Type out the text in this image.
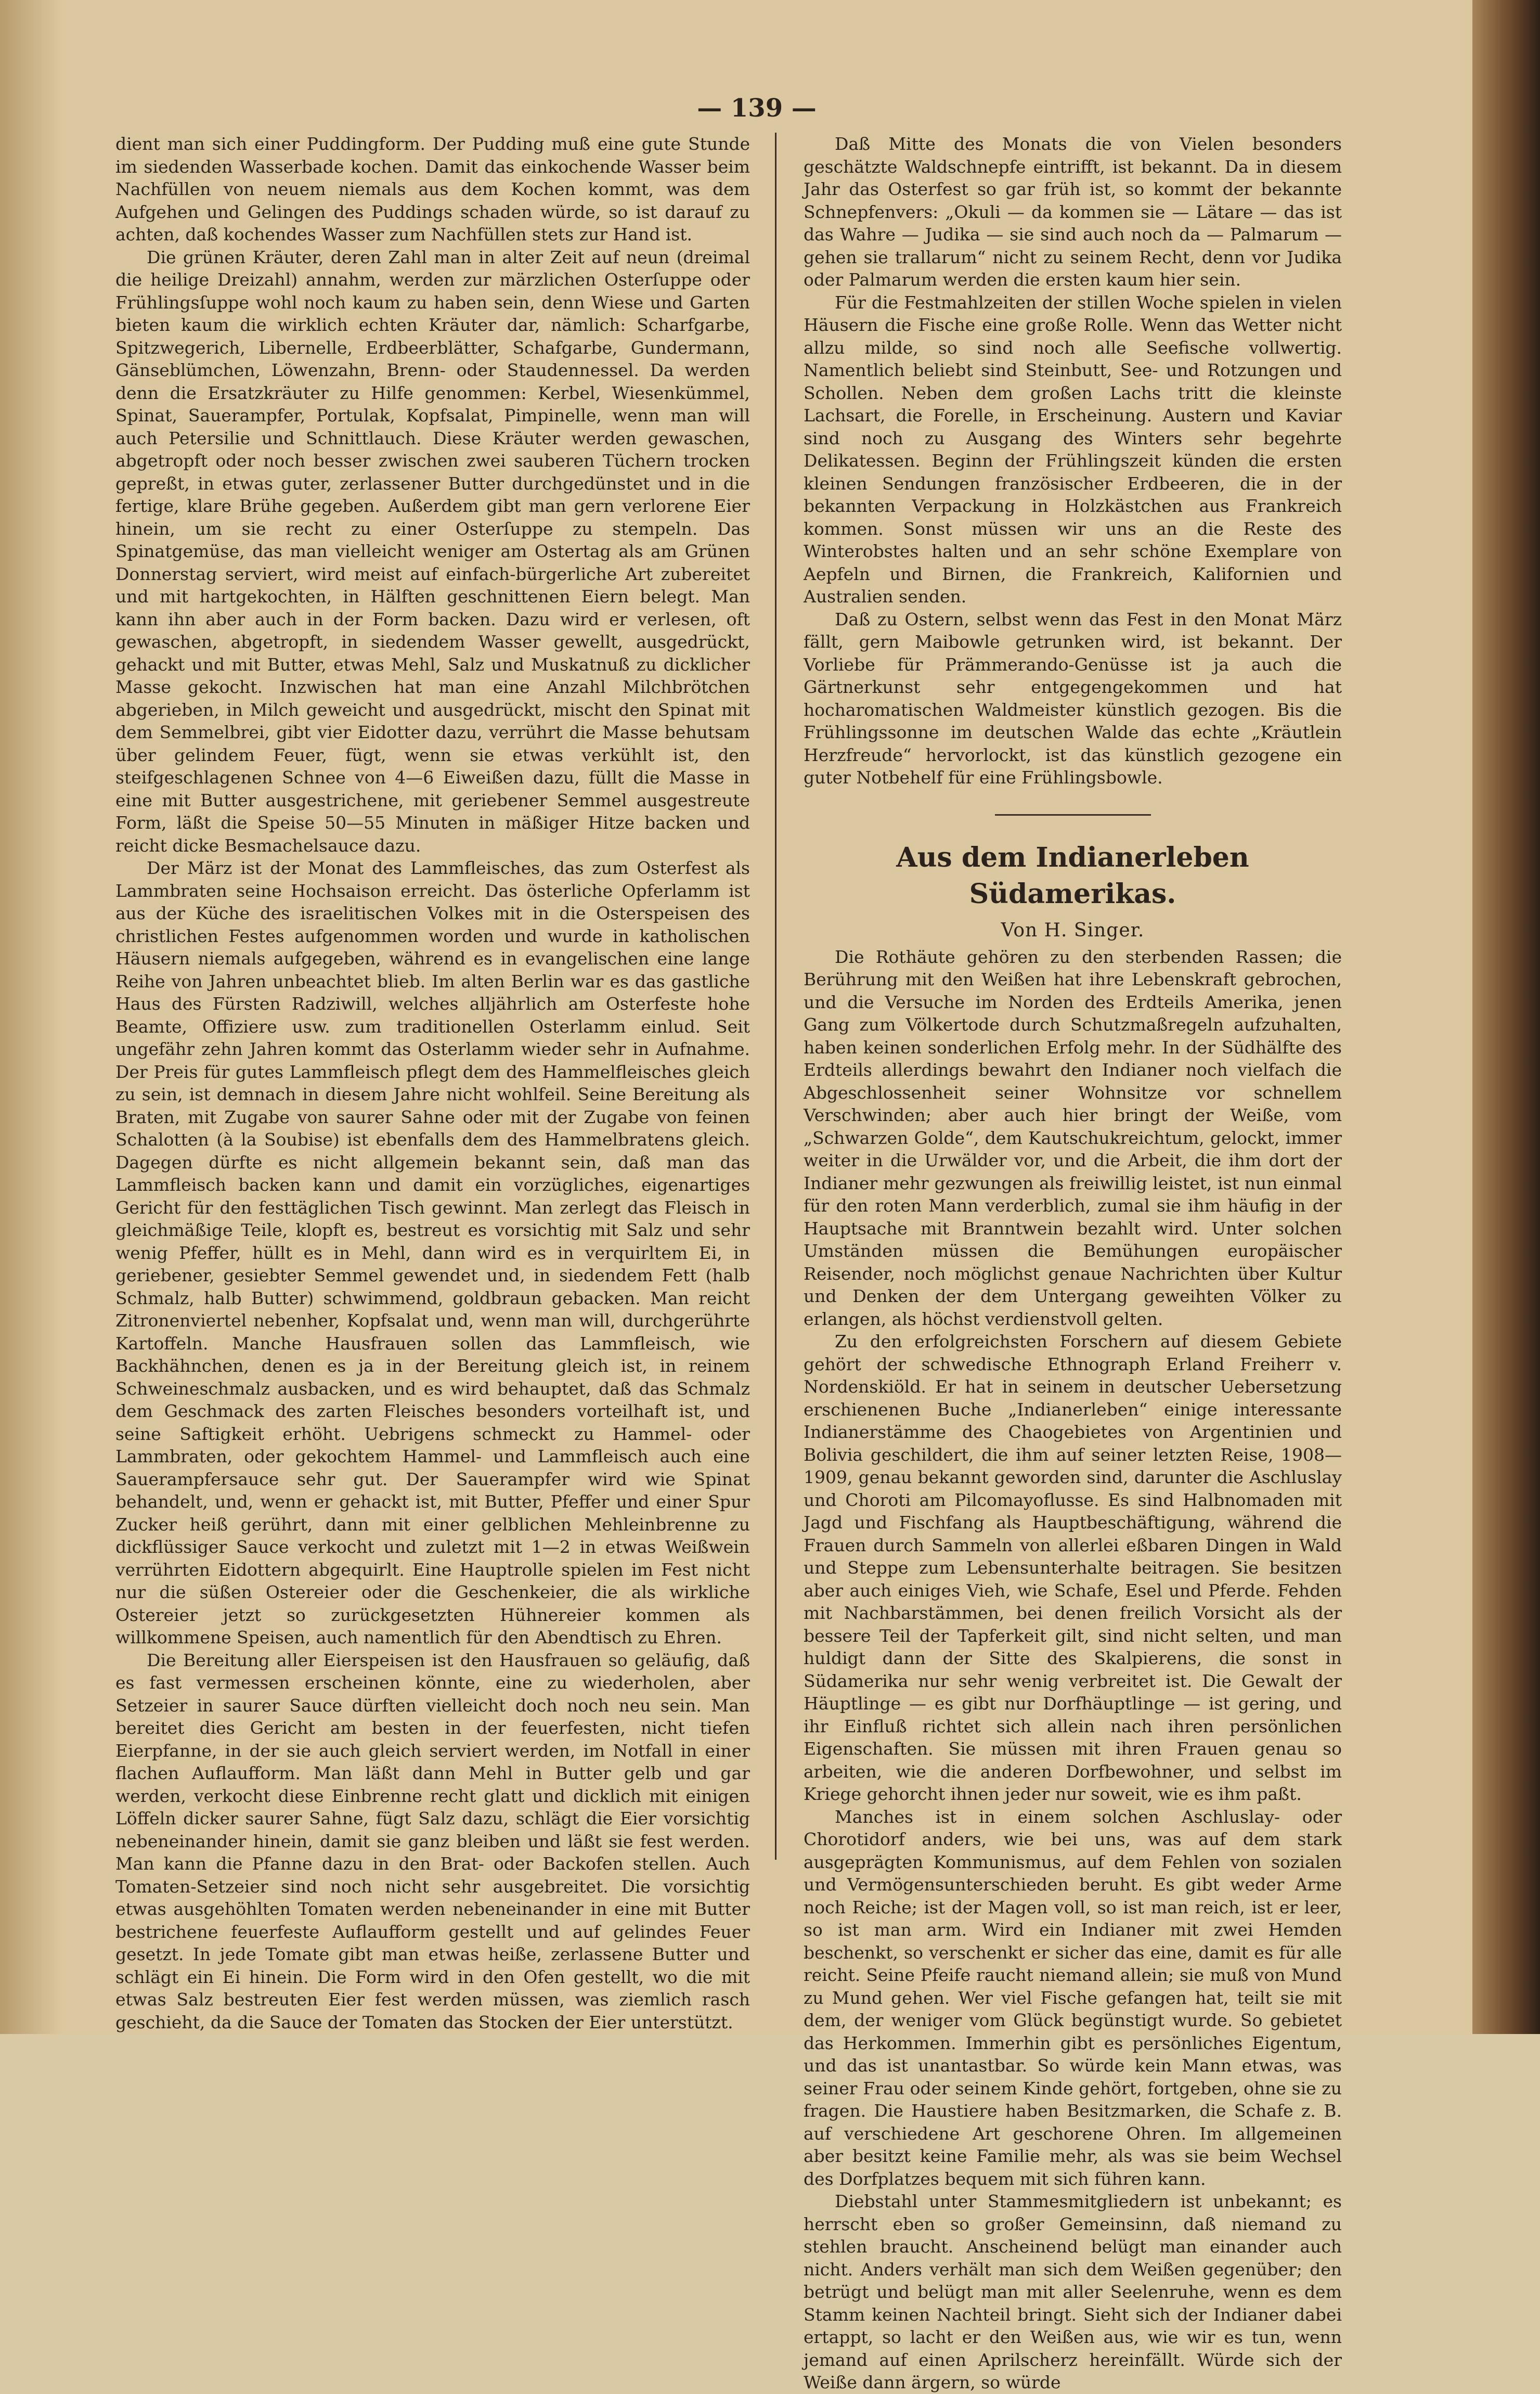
— 139 —

dient man sich einer Puddingform. Der Pudding muß eine gute Stunde im siedenden Wasserbade kochen. Damit das einkochende Wasser beim Nachfüllen von neuem niemals aus dem Kochen kommt, was dem Aufgehen und Gelingen des Puddings schaden würde, so ist darauf zu achten, daß kochendes Wasser zum Nachfüllen stets zur Hand ist.

Die grünen Kräuter, deren Zahl man in alter Zeit auf neun (dreimal die heilige Dreizahl) annahm, werden zur märzlichen Osterſuppe oder Frühlingsſuppe wohl noch kaum zu haben sein, denn Wiese und Garten bieten kaum die wirklich echten Kräuter dar, nämlich: Scharfgarbe, Spitzwegerich, Libernelle, Erdbeerblätter, Schafgarbe, Gundermann, Gänseblümchen, Löwenzahn, Brenn- oder Staudennessel. Da werden denn die Ersatzkräuter zu Hilfe genommen: Kerbel, Wiesenkümmel, Spinat, Sauerampfer, Portulak, Kopfsalat, Pimpinelle, wenn man will auch Petersilie und Schnittlauch. Diese Kräuter werden gewaschen, abgetropft oder noch besser zwischen zwei sauberen Tüchern trocken gepreßt, in etwas guter, zerlassener Butter durchgedünstet und in die fertige, klare Brühe gegeben. Außerdem gibt man gern verlorene Eier hinein, um sie recht zu einer Osterſuppe zu stempeln. Das Spinatgemüse, das man vielleicht weniger am Ostertag als am Grünen Donnerstag serviert, wird meist auf einfach-bürgerliche Art zubereitet und mit hartgekochten, in Hälften geschnittenen Eiern belegt. Man kann ihn aber auch in der Form backen. Dazu wird er verlesen, oft gewaschen, abgetropft, in siedendem Wasser gewellt, ausgedrückt, gehackt und mit Butter, etwas Mehl, Salz und Muskatnuß zu dicklicher Masse gekocht. Inzwischen hat man eine Anzahl Milchbrötchen abgerieben, in Milch geweicht und ausgedrückt, mischt den Spinat mit dem Semmelbrei, gibt vier Eidotter dazu, verrührt die Masse behutsam über gelindem Feuer, fügt, wenn sie etwas verkühlt ist, den steifgeschlagenen Schnee von 4—6 Eiweißen dazu, füllt die Masse in eine mit Butter ausgestrichene, mit geriebener Semmel ausgestreute Form, läßt die Speise 50—55 Minuten in mäßiger Hitze backen und reicht dicke Besmachelsauce dazu.

Der März ist der Monat des Lammfleisches, das zum Osterfest als Lammbraten seine Hochsaison erreicht. Das österliche Opferlamm ist aus der Küche des israelitischen Volkes mit in die Osterspeisen des christlichen Festes aufgenommen worden und wurde in katholischen Häusern niemals aufgegeben, während es in evangelischen eine lange Reihe von Jahren unbeachtet blieb. Im alten Berlin war es das gastliche Haus des Fürsten Radziwill, welches alljährlich am Osterfeste hohe Beamte, Offiziere usw. zum traditionellen Osterlamm einlud. Seit ungefähr zehn Jahren kommt das Osterlamm wieder sehr in Aufnahme. Der Preis für gutes Lammfleisch pflegt dem des Hammelfleisches gleich zu sein, ist demnach in diesem Jahre nicht wohlfeil. Seine Bereitung als Braten, mit Zugabe von saurer Sahne oder mit der Zugabe von feinen Schalotten (à la Soubise) ist ebenfalls dem des Hammelbratens gleich. Dagegen dürfte es nicht allgemein bekannt sein, daß man das Lammfleisch backen kann und damit ein vorzügliches, eigenartiges Gericht für den festtäglichen Tisch gewinnt. Man zerlegt das Fleisch in gleichmäßige Teile, klopft es, bestreut es vorsichtig mit Salz und sehr wenig Pfeffer, hüllt es in Mehl, dann wird es in verquirltem Ei, in geriebener, gesiebter Semmel gewendet und, in siedendem Fett (halb Schmalz, halb Butter) schwimmend, goldbraun gebacken. Man reicht Zitronenviertel nebenher, Kopfsalat und, wenn man will, durchgerührte Kartoffeln. Manche Hausfrauen sollen das Lammfleisch, wie Backhähnchen, denen es ja in der Bereitung gleich ist, in reinem Schweineschmalz ausbacken, und es wird behauptet, daß das Schmalz dem Geschmack des zarten Fleisches besonders vorteilhaft ist, und seine Saftigkeit erhöht. Uebrigens schmeckt zu Hammel- oder Lammbraten, oder gekochtem Hammel- und Lammfleisch auch eine Sauerampfersauce sehr gut. Der Sauerampfer wird wie Spinat behandelt, und, wenn er gehackt ist, mit Butter, Pfeffer und einer Spur Zucker heiß gerührt, dann mit einer gelblichen Mehleinbrenne zu dickflüssiger Sauce verkocht und zuletzt mit 1—2 in etwas Weißwein verrührten Eidottern abgequirlt. Eine Hauptrolle spielen im Fest nicht nur die süßen Ostereier oder die Geschenkeier, die als wirkliche Ostereier jetzt so zurückgesetzten Hühnereier kommen als willkommene Speisen, auch namentlich für den Abendtisch zu Ehren.

Die Bereitung aller Eierspeisen ist den Hausfrauen so geläufig, daß es fast vermessen erscheinen könnte, eine zu wiederholen, aber Setzeier in saurer Sauce dürften vielleicht doch noch neu sein. Man bereitet dies Gericht am besten in der feuerfesten, nicht tiefen Eierpfanne, in der sie auch gleich serviert werden, im Notfall in einer flachen Auflaufform. Man läßt dann Mehl in Butter gelb und gar werden, verkocht diese Einbrenne recht glatt und dicklich mit einigen Löffeln dicker saurer Sahne, fügt Salz dazu, schlägt die Eier vorsichtig nebeneinander hinein, damit sie ganz bleiben und läßt sie fest werden. Man kann die Pfanne dazu in den Brat- oder Backofen stellen. Auch Tomaten-Setzeier sind noch nicht sehr ausgebreitet. Die vorsichtig etwas ausgehöhlten Tomaten werden nebeneinander in eine mit Butter bestrichene feuerfeste Auflaufform gestellt und auf gelindes Feuer gesetzt. In jede Tomate gibt man etwas heiße, zerlassene Butter und schlägt ein Ei hinein. Die Form wird in den Ofen gestellt, wo die mit etwas Salz bestreuten Eier fest werden müssen, was ziemlich rasch geschieht, da die Sauce der Tomaten das Stocken der Eier unterstützt.

Daß Mitte des Monats die von Vielen besonders geschätzte Waldschnepfe eintrifft, ist bekannt. Da in diesem Jahr das Osterfest so gar früh ist, so kommt der bekannte Schnepfenvers: „Okuli — da kommen sie — Lätare — das ist das Wahre — Judika — sie sind auch noch da — Palmarum — gehen sie trallarum“ nicht zu seinem Recht, denn vor Judika oder Palmarum werden die ersten kaum hier sein.

Für die Festmahlzeiten der stillen Woche spielen in vielen Häusern die Fische eine große Rolle. Wenn das Wetter nicht allzu milde, so sind noch alle Seefische vollwertig. Namentlich beliebt sind Steinbutt, See- und Rotzungen und Schollen. Neben dem großen Lachs tritt die kleinste Lachsart, die Forelle, in Erscheinung. Austern und Kaviar sind noch zu Ausgang des Winters sehr begehrte Delikatessen. Beginn der Frühlingszeit künden die ersten kleinen Sendungen französischer Erdbeeren, die in der bekannten Verpackung in Holzkästchen aus Frankreich kommen. Sonst müssen wir uns an die Reste des Winterobstes halten und an sehr schöne Exemplare von Aepfeln und Birnen, die Frankreich, Kalifornien und Australien senden.

Daß zu Ostern, selbst wenn das Fest in den Monat März fällt, gern Maibowle getrunken wird, ist bekannt. Der Vorliebe für Prämmerando-Genüsse ist ja auch die Gärtnerkunst sehr entgegengekommen und hat hocharomatischen Waldmeister künstlich gezogen. Bis die Frühlingssonne im deutschen Walde das echte „Kräutlein Herzfreude“ hervorlockt, ist das künstlich gezogene ein guter Notbehelf für eine Frühlingsbowle.

Aus dem Indianerleben Südamerikas.
Von H. Singer.

Die Rothäute gehören zu den sterbenden Rassen; die Berührung mit den Weißen hat ihre Lebenskraft gebrochen, und die Versuche im Norden des Erdteils Amerika, jenen Gang zum Völkertode durch Schutzmaßregeln aufzuhalten, haben keinen sonderlichen Erfolg mehr. In der Südhälfte des Erdteils allerdings bewahrt den Indianer noch vielfach die Abgeschlossenheit seiner Wohnsitze vor schnellem Verschwinden; aber auch hier bringt der Weiße, vom „Schwarzen Golde“, dem Kautschukreichtum, gelockt, immer weiter in die Urwälder vor, und die Arbeit, die ihm dort der Indianer mehr gezwungen als freiwillig leistet, ist nun einmal für den roten Mann verderblich, zumal sie ihm häufig in der Hauptsache mit Branntwein bezahlt wird. Unter solchen Umständen müssen die Bemühungen europäischer Reisender, noch möglichst genaue Nachrichten über Kultur und Denken der dem Untergang geweihten Völker zu erlangen, als höchst verdienstvoll gelten.

Zu den erfolgreichsten Forschern auf diesem Gebiete gehört der schwedische Ethnograph Erland Freiherr v. Nordenskiöld. Er hat in seinem in deutscher Uebersetzung erschienenen Buche „Indianerleben“ einige interessante Indianerstämme des Chaogebietes von Argentinien und Bolivia geschildert, die ihm auf seiner letzten Reise, 1908—1909, genau bekannt geworden sind, darunter die Aschluslay und Choroti am Pilcomayoflusse. Es sind Halbnomaden mit Jagd und Fischfang als Hauptbeschäftigung, während die Frauen durch Sammeln von allerlei eßbaren Dingen in Wald und Steppe zum Lebensunterhalte beitragen. Sie besitzen aber auch einiges Vieh, wie Schafe, Esel und Pferde. Fehden mit Nachbarstämmen, bei denen freilich Vorsicht als der bessere Teil der Tapferkeit gilt, sind nicht selten, und man huldigt dann der Sitte des Skalpierens, die sonst in Südamerika nur sehr wenig verbreitet ist. Die Gewalt der Häuptlinge — es gibt nur Dorfhäuptlinge — ist gering, und ihr Einfluß richtet sich allein nach ihren persönlichen Eigenschaften. Sie müssen mit ihren Frauen genau so arbeiten, wie die anderen Dorfbewohner, und selbst im Kriege gehorcht ihnen jeder nur soweit, wie es ihm paßt.

Manches ist in einem solchen Aschluslay- oder Chorotidorf anders, wie bei uns, was auf dem stark ausgeprägten Kommunismus, auf dem Fehlen von sozialen und Vermögensunterschieden beruht. Es gibt weder Arme noch Reiche; ist der Magen voll, so ist man reich, ist er leer, so ist man arm. Wird ein Indianer mit zwei Hemden beschenkt, so verschenkt er sicher das eine, damit es für alle reicht. Seine Pfeife raucht niemand allein; sie muß von Mund zu Mund gehen. Wer viel Fische gefangen hat, teilt sie mit dem, der weniger vom Glück begünstigt wurde. So gebietet das Herkommen. Immerhin gibt es persönliches Eigentum, und das ist unantastbar. So würde kein Mann etwas, was seiner Frau oder seinem Kinde gehört, fortgeben, ohne sie zu fragen. Die Haustiere haben Besitzmarken, die Schafe z. B. auf verschiedene Art geschorene Ohren. Im allgemeinen aber besitzt keine Familie mehr, als was sie beim Wechsel des Dorfplatzes bequem mit sich führen kann.

Diebstahl unter Stammesmitgliedern ist unbekannt; es herrscht eben so großer Gemeinsinn, daß niemand zu stehlen braucht. Anscheinend belügt man einander auch nicht. Anders verhält man sich dem Weißen gegenüber; den betrügt und belügt man mit aller Seelenruhe, wenn es dem Stamm keinen Nachteil bringt. Sieht sich der Indianer dabei ertappt, so lacht er den Weißen aus, wie wir es tun, wenn jemand auf einen Aprilscherz hereinfällt. Würde sich der Weiße dann ärgern, so würde
